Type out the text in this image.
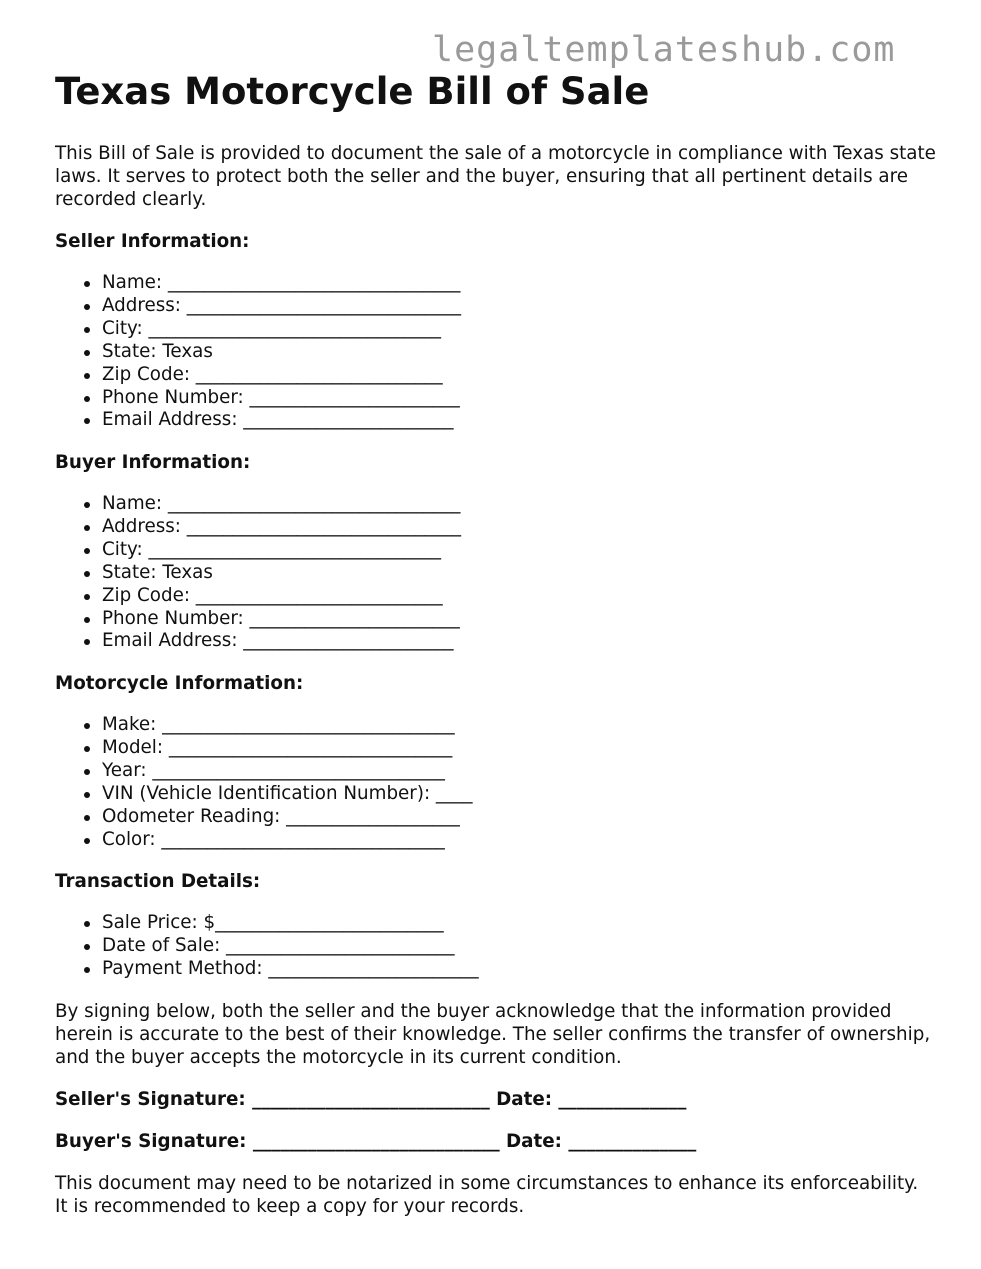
legaltemplateshub.com
Texas Motorcycle Bill of Sale

This Bill of Sale is provided to document the sale of a motorcycle in compliance with Texas state laws. It serves to protect both the seller and the buyer, ensuring that all pertinent details are recorded clearly.

Seller Information:

Name: ________________________________
Address: ______________________________
City: ________________________________
State: Texas
Zip Code: ___________________________
Phone Number: _______________________
Email Address: _______________________

Buyer Information:

Name: ________________________________
Address: ______________________________
City: ________________________________
State: Texas
Zip Code: ___________________________
Phone Number: _______________________
Email Address: _______________________

Motorcycle Information:

Make: ________________________________
Model: _______________________________
Year: ________________________________
VIN (Vehicle Identification Number): ____
Odometer Reading: ___________________
Color: _______________________________

Transaction Details:

Sale Price: $_________________________
Date of Sale: _________________________
Payment Method: _______________________

By signing below, both the seller and the buyer acknowledge that the information provided herein is accurate to the best of their knowledge. The seller confirms the transfer of ownership, and the buyer accepts the motorcycle in its current condition.

Seller's Signature: __________________________ Date: ______________
Buyer's Signature: ___________________________ Date: ______________

This document may need to be notarized in some circumstances to enhance its enforceability. It is recommended to keep a copy for your records.
